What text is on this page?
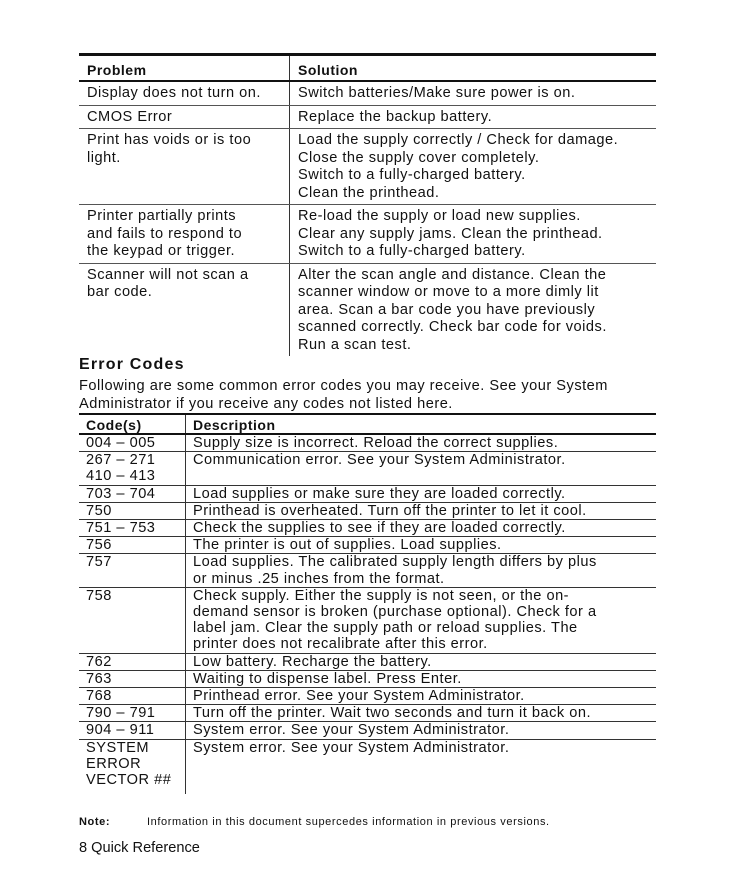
Problem	Solution

Display does not turn on.	Switch batteries/Make sure power is on.

CMOS Error	Replace the backup battery.

Print has voids or is too
light.	Load the supply correctly / Check for damage.
Close the supply cover completely.
Switch to a fully-charged battery.
Clean the printhead.

Printer partially prints
and fails to respond to
the keypad or trigger.	Re-load the supply or load new supplies.
Clear any supply jams. Clean the printhead.
Switch to a fully-charged battery.

Scanner will not scan a
bar code.	Alter the scan angle and distance. Clean the
scanner window or move to a more dimly lit
area. Scan a bar code you have previously
scanned correctly. Check bar code for voids.
Run a scan test.
Error Codes

Following are some common error codes you may receive. See your System
Administrator if you receive any codes not listed here.

Code(s)	Description

004 – 005	Supply size is incorrect. Reload the correct supplies.

267 – 271
410 – 413	Communication error. See your System Administrator.

703 – 704	Load supplies or make sure they are loaded correctly.

750	Printhead is overheated. Turn off the printer to let it cool.

751 – 753	Check the supplies to see if they are loaded correctly.

756	The printer is out of supplies. Load supplies.

757	Load supplies. The calibrated supply length differs by plus
or minus .25 inches from the format.

758	Check supply. Either the supply is not seen, or the on-
demand sensor is broken (purchase optional). Check for a
label jam. Clear the supply path or reload supplies. The
printer does not recalibrate after this error.

762	Low battery. Recharge the battery.

763	Waiting to dispense label. Press Enter.

768	Printhead error. See your System Administrator.

790 – 791	Turn off the printer. Wait two seconds and turn it back on.

904 – 911	System error. See your System Administrator.

SYSTEM
ERROR
VECTOR ##	System error. See your System Administrator.
Note:	Information in this document supercedes information in previous versions.
8 Quick Reference
